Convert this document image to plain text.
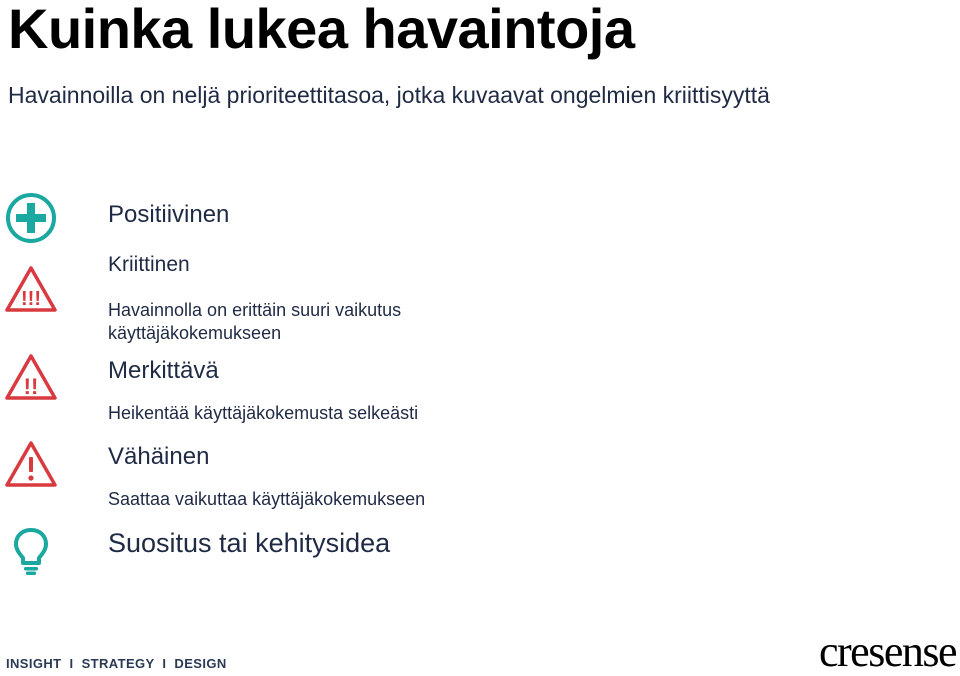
Kuinka lukea havaintoja

Havainnoilla on neljä prioriteettitasoa, jotka kuvaavat ongelmien kriittisyyttä

Positiivinen

Kriittinen

!!!	Havainnolla on erittäin suuri vaikutus

käyttäjäkokemukseen

!!

Merkittävä

Heikentää käyttäjäkokemusta selkeästi

Vähäinen

Saattaa vaikuttaa käyttäjäkokemukseen

Suositus tai kehitysidea

INSIGHT  I  STRATEGY  I  DESIGN	cresense
